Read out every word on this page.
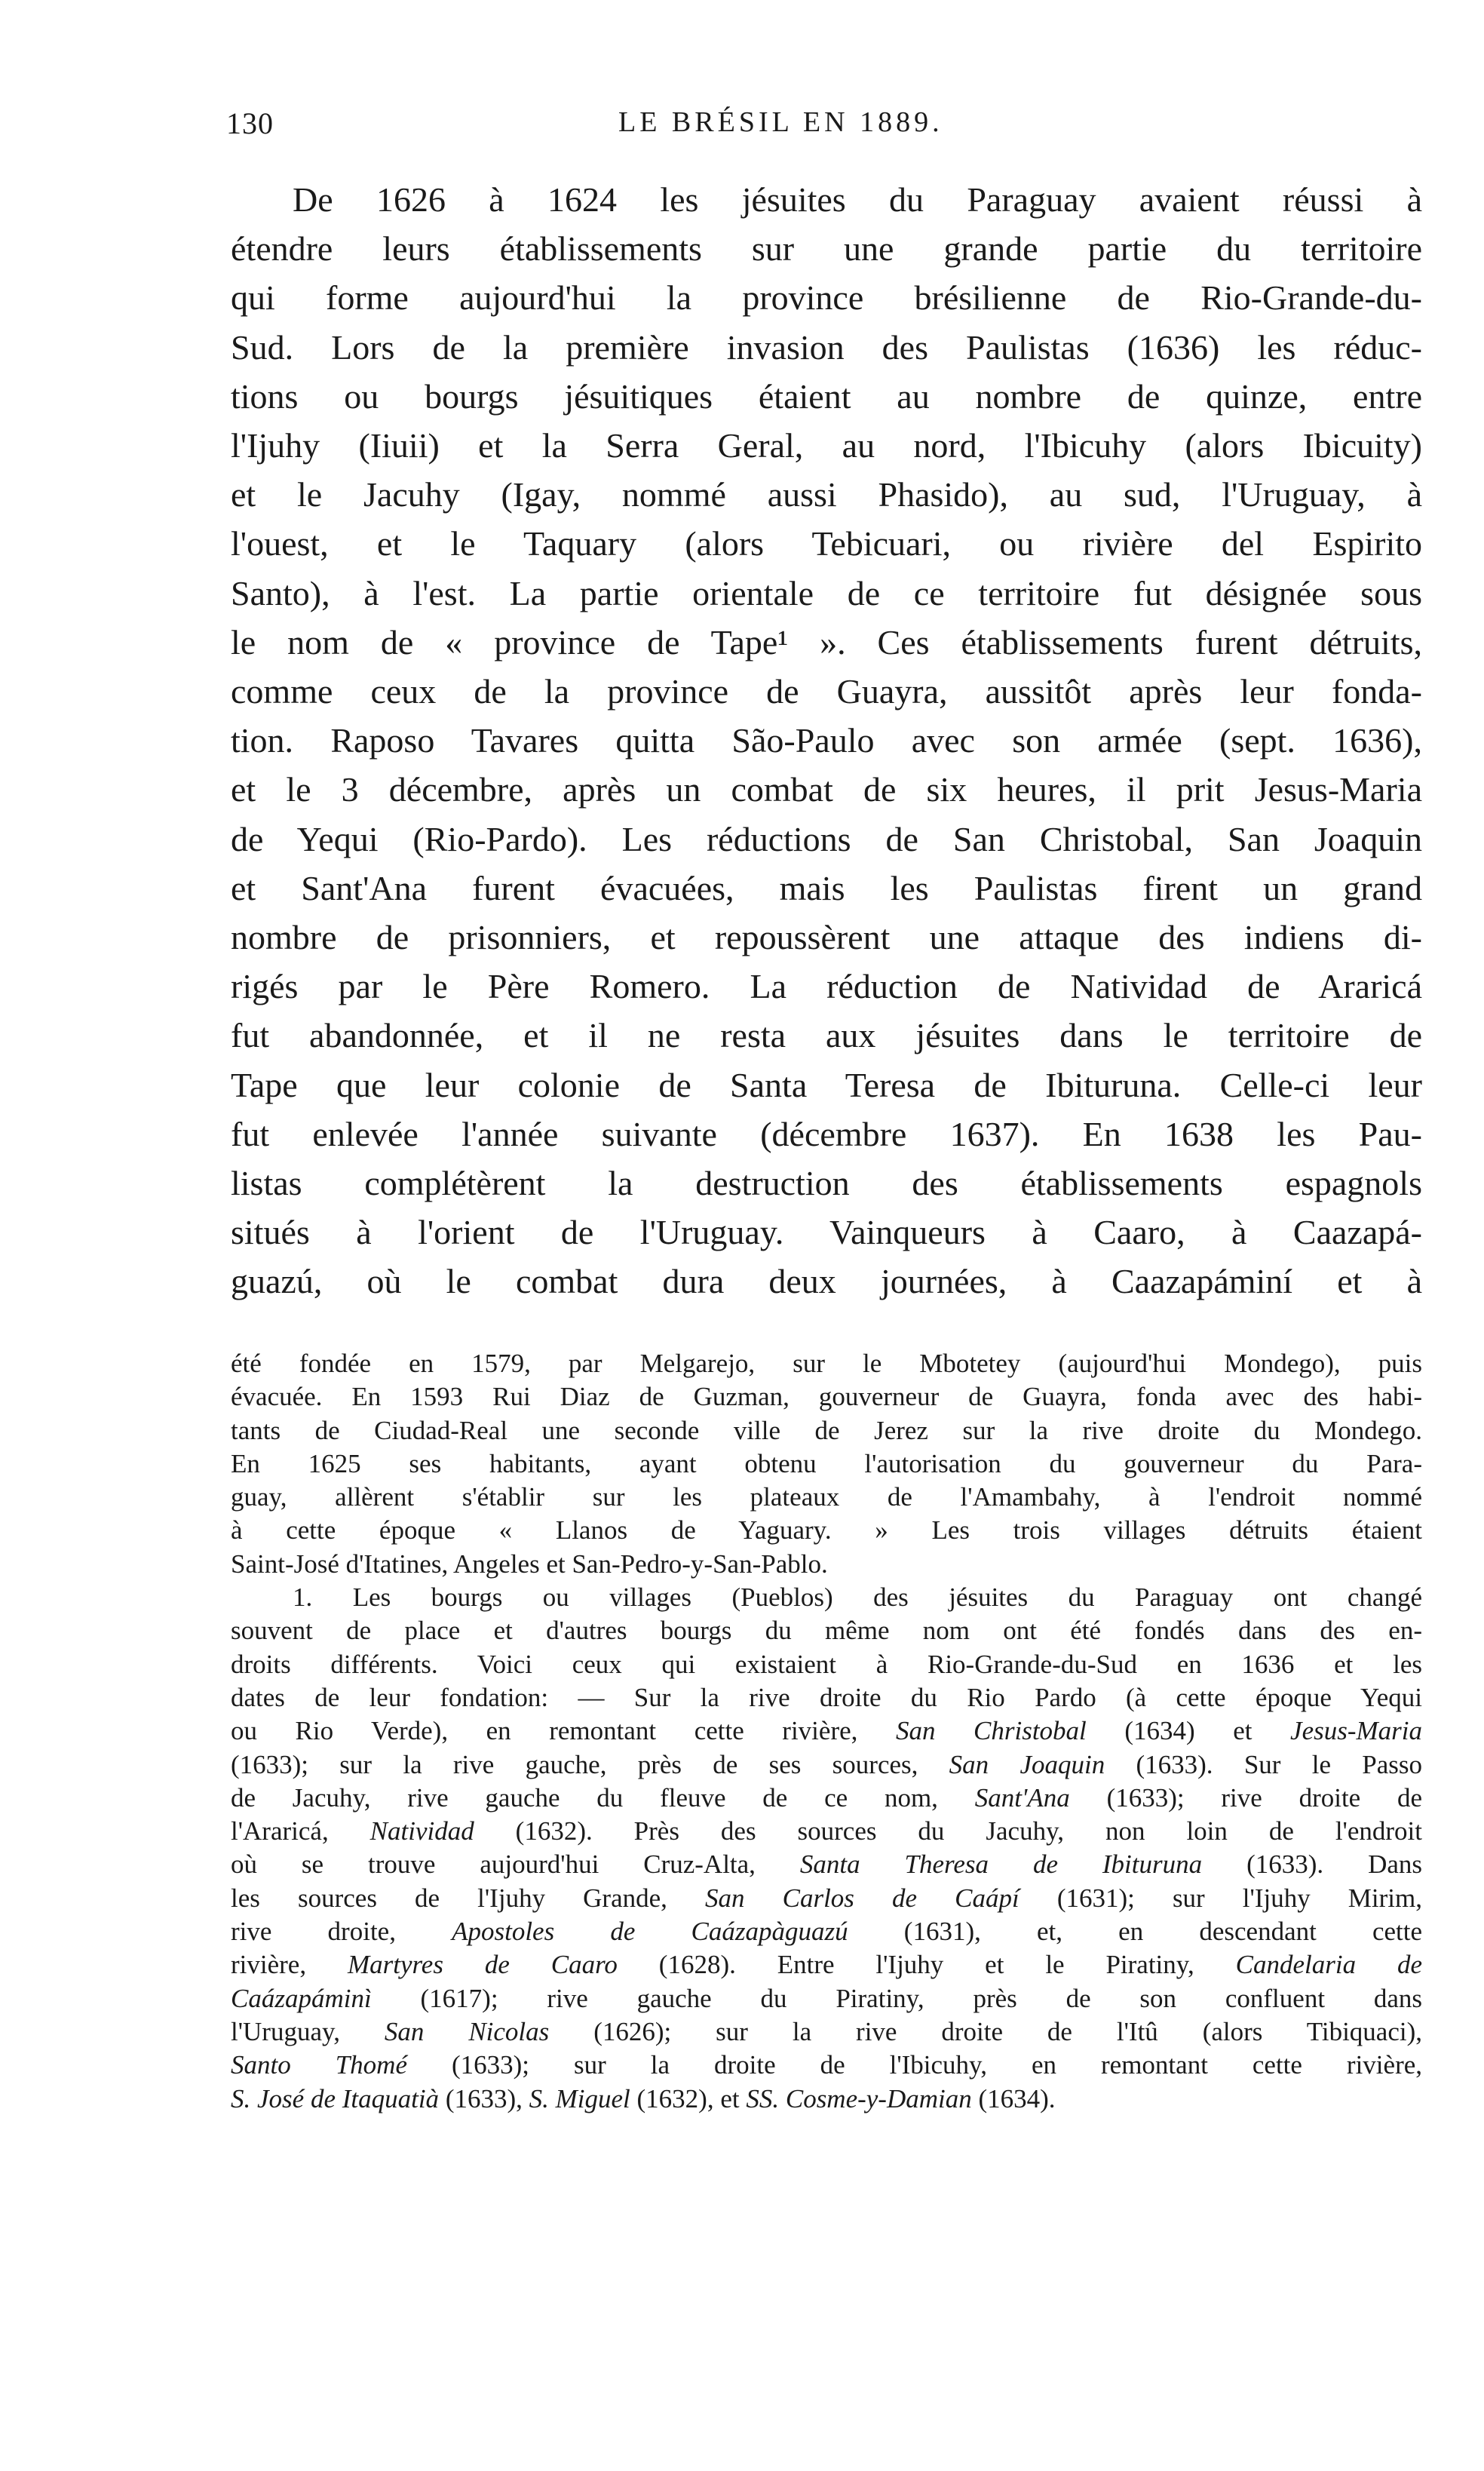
130	LE BRÉSIL EN 1889.
De 1626 à 1624 les jésuites du Paraguay avaient réussi à
étendre leurs établissements sur une grande partie du territoire
qui forme aujourd'hui la province brésilienne de Rio-Grande-du-
Sud. Lors de la première invasion des Paulistas (1636) les réduc-
tions ou bourgs jésuitiques étaient au nombre de quinze, entre
l'Ijuhy (Iiuii) et la Serra Geral, au nord, l'Ibicuhy (alors Ibicuity)
et le Jacuhy (Igay, nommé aussi Phasido), au sud, l'Uruguay, à
l'ouest, et le Taquary (alors Tebicuari, ou rivière del Espirito
Santo), à l'est. La partie orientale de ce territoire fut désignée sous
le nom de « province de Tape¹ ». Ces établissements furent détruits,
comme ceux de la province de Guayra, aussitôt après leur fonda-
tion. Raposo Tavares quitta São-Paulo avec son armée (sept. 1636),
et le 3 décembre, après un combat de six heures, il prit Jesus-Maria
de Yequi (Rio-Pardo). Les réductions de San Christobal, San Joaquin
et Sant'Ana furent évacuées, mais les Paulistas firent un grand
nombre de prisonniers, et repoussèrent une attaque des indiens di-
rigés par le Père Romero. La réduction de Natividad de Araricá
fut abandonnée, et il ne resta aux jésuites dans le territoire de
Tape que leur colonie de Santa Teresa de Ibituruna. Celle-ci leur
fut enlevée l'année suivante (décembre 1637). En 1638 les Pau-
listas complétèrent la destruction des établissements espagnols
situés à l'orient de l'Uruguay. Vainqueurs à Caaro, à Caazapá-
guazú, où le combat dura deux journées, à Caazapáminí et à
été fondée en 1579, par Melgarejo, sur le Mbotetey (aujourd'hui Mondego), puis
évacuée. En 1593 Rui Diaz de Guzman, gouverneur de Guayra, fonda avec des habi-
tants de Ciudad-Real une seconde ville de Jerez sur la rive droite du Mondego.
En 1625 ses habitants, ayant obtenu l'autorisation du gouverneur du Para-
guay, allèrent s'établir sur les plateaux de l'Amambahy, à l'endroit nommé
à cette époque « Llanos de Yaguary. » Les trois villages détruits étaient
Saint-José d'Itatines, Angeles et San-Pedro-y-San-Pablo.
1. Les bourgs ou villages (Pueblos) des jésuites du Paraguay ont changé
souvent de place et d'autres bourgs du même nom ont été fondés dans des en-
droits différents. Voici ceux qui existaient à Rio-Grande-du-Sud en 1636 et les
dates de leur fondation: — Sur la rive droite du Rio Pardo (à cette époque Yequi
ou Rio Verde), en remontant cette rivière, San Christobal (1634) et Jesus-Maria
(1633); sur la rive gauche, près de ses sources, San Joaquin (1633). Sur le Passo
de Jacuhy, rive gauche du fleuve de ce nom, Sant'Ana (1633); rive droite de
l'Araricá, Natividad (1632). Près des sources du Jacuhy, non loin de l'endroit
où se trouve aujourd'hui Cruz-Alta, Santa Theresa de Ibituruna (1633). Dans
les sources de l'Ijuhy Grande, San Carlos de Caápí (1631); sur l'Ijuhy Mirim,
rive droite, Apostoles de Caázapàguazú (1631), et, en descendant cette
rivière, Martyres de Caaro (1628). Entre l'Ijuhy et le Piratiny, Candelaria de
Caázapáminì (1617); rive gauche du Piratiny, près de son confluent dans
l'Uruguay, San Nicolas (1626); sur la rive droite de l'Itû (alors Tibiquaci),
Santo Thomé (1633); sur la droite de l'Ibicuhy, en remontant cette rivière,
S. José de Itaquatià (1633), S. Miguel (1632), et SS. Cosme-y-Damian (1634).
